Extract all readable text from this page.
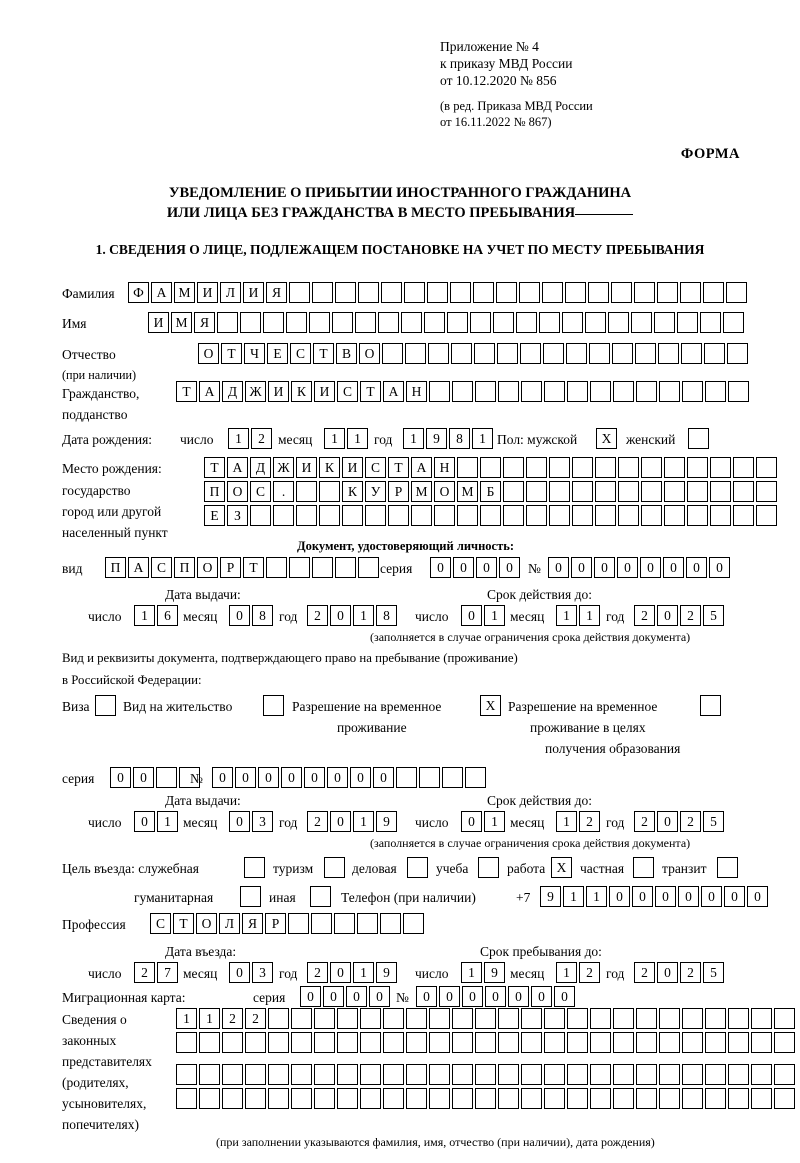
Приложение № 4
к приказу МВД России
от 10.12.2020 № 856
(в ред. Приказа МВД России
от 16.11.2022 № 867)
ФОРМА
УВЕДОМЛЕНИЕ О ПРИБЫТИИ ИНОСТРАННОГО ГРАЖДАНИНА
ИЛИ ЛИЦА БЕЗ ГРАЖДАНСТВА В МЕСТО ПРЕБЫВАНИЯ
1. СВЕДЕНИЯ О ЛИЦЕ, ПОДЛЕЖАЩЕМ ПОСТАНОВКЕ НА УЧЕТ ПО МЕСТУ ПРЕБЫВАНИЯ
Фамилия	Ф А М И	Л	И	Я
Имя	И М Я
Отчество
(при наличии)
О	Т	Ч	Е	С	Т	В	О
Гражданство,
подданство
Т	А	Д Ж И	К	И	С	Т	А Н
Дата рождения: число	1	2 месяц	1	1 год	1	9	8	1 Пол: мужской	X	женский
Место рождения:
государство
город или другой
населенный пункт
Т	А	Д Ж И	К	И	С	Т	А Н
П О	С	.	К	У	Р М О М Б
Е	З
Документ, удостоверяющий личность:
вид	П А	С	П О	Р	Т	серия	0	0	0	0	№	0	0	0	0	0	0	0	0
Дата выдачи:	Срок действия до:
число	1	6 месяц	0	8 год	2	0	1	8	число	0	1 месяц	1	1 год	2	0	2	5
(заполняется в случае ограничения срока действия документа)
Вид и реквизиты документа, подтверждающего право на пребывание (проживание)
в Российской Федерации:
Виза Вид на жительство	Разрешение на временное
проживание
X Разрешение на временное
проживание в целях
получения образования
серия	0	0	№	0	0	0	0	0	0	0	0
Дата выдачи:	Срок действия до:
число	0	1 месяц	0	3 год	2	0	1	9	число	0	1 месяц	1	2 год	2	0	2	5
(заполняется в случае ограничения срока действия документа)
Цель въезда: служебная	туризм	деловая	учеба	работа X	частная	транзит
гуманитарная	иная	Телефон (при наличии)	+7	9	1	1	0	0	0	0	0	0	0
Профессия	С	Т	О	Л	Я	Р
Дата въезда:	Срок пребывания до:
число	2	7 месяц	0	3 год	2	0	1	9	число	1	9 месяц	1	2 год	2	0	2	5
Миграционная карта:	серия	0	0	0	0 №	0	0	0	0	0	0	0
Сведения о
законных
представителях
(родителях,
усыновителях,
попечителях)
1	1	2	2
(при заполнении указываются фамилия, имя, отчество (при наличии), дата рождения)
